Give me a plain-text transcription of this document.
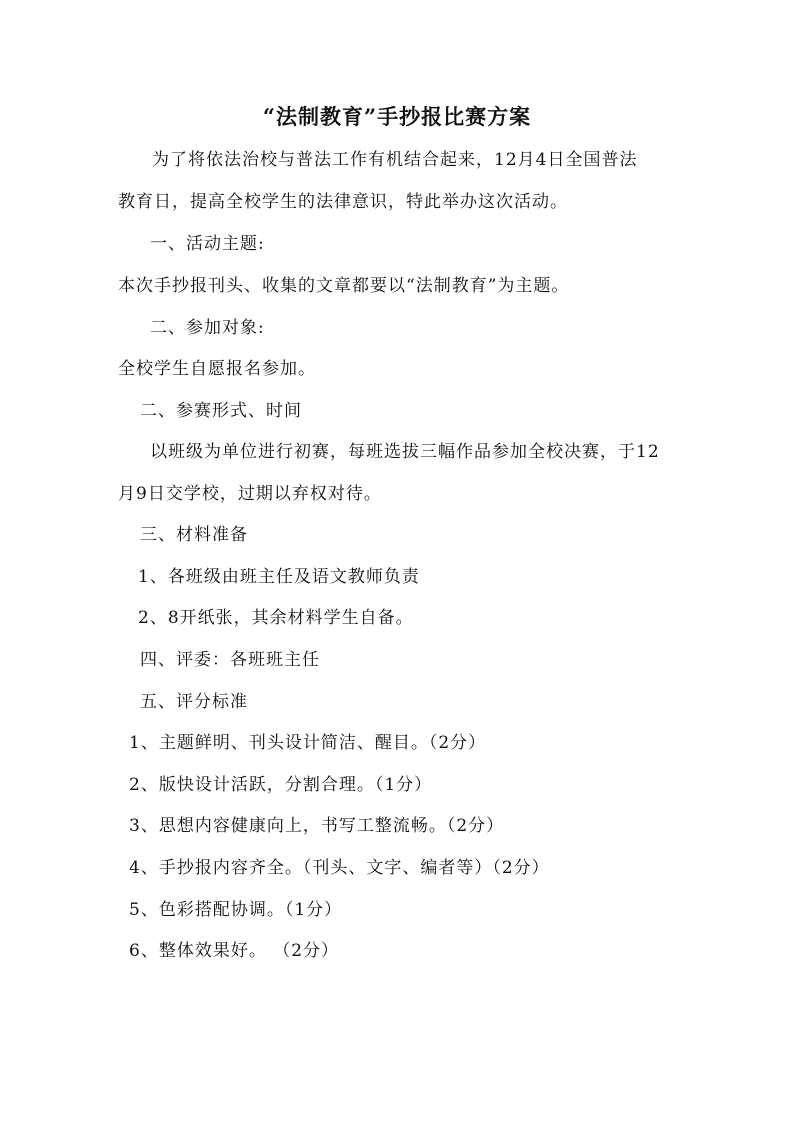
“法制教育”手抄报比赛方案
为了将依法治校与普法工作有机结合起来，12月4日全国普法
教育日，提高全校学生的法律意识，特此举办这次活动。
一、活动主题:
本次手抄报刊头、收集的文章都要以“法制教育”为主题。
二、参加对象:
全校学生自愿报名参加。
二、参赛形式、时间
以班级为单位进行初赛，每班选拔三幅作品参加全校决赛，于12
月9日交学校，过期以弃权对待。
三、材料准备
1、各班级由班主任及语文教师负责
2、8开纸张，其余材料学生自备。
四、评委：各班班主任
五、评分标准
1、主题鲜明、刊头设计简洁、醒目。（2分）
2、版快设计活跃，分割合理。（1分）
3、思想内容健康向上，书写工整流畅。（2分）
4、手抄报内容齐全。（刊头、文字、编者等）（2分）
5、色彩搭配协调。（1分）
6、整体效果好。 （2分）
